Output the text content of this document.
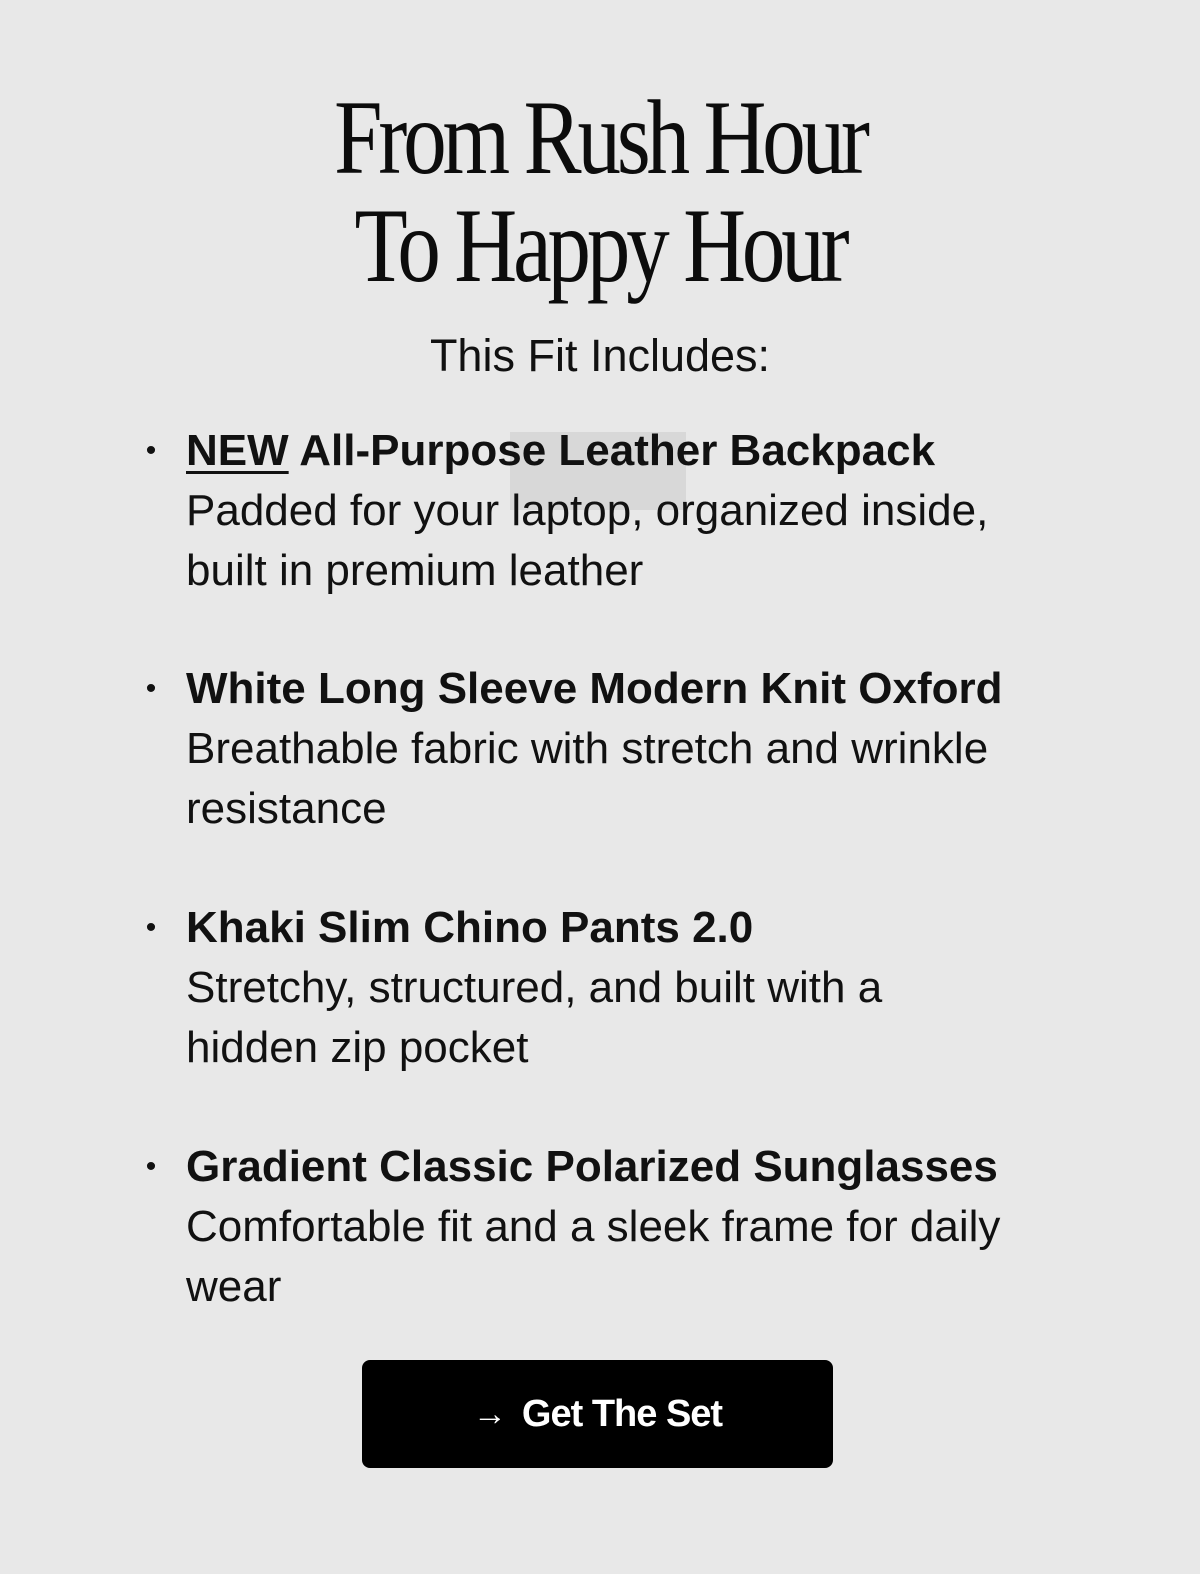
From Rush Hour
To Happy Hour
This Fit Includes:
• NEW All-Purpose Leather Backpack
Padded for your laptop, organized inside, built in premium leather
• White Long Sleeve Modern Knit Oxford
Breathable fabric with stretch and wrinkle resistance
• Khaki Slim Chino Pants 2.0
Stretchy, structured, and built with a hidden zip pocket
• Gradient Classic Polarized Sunglasses
Comfortable fit and a sleek frame for daily wear
→ Get The Set
